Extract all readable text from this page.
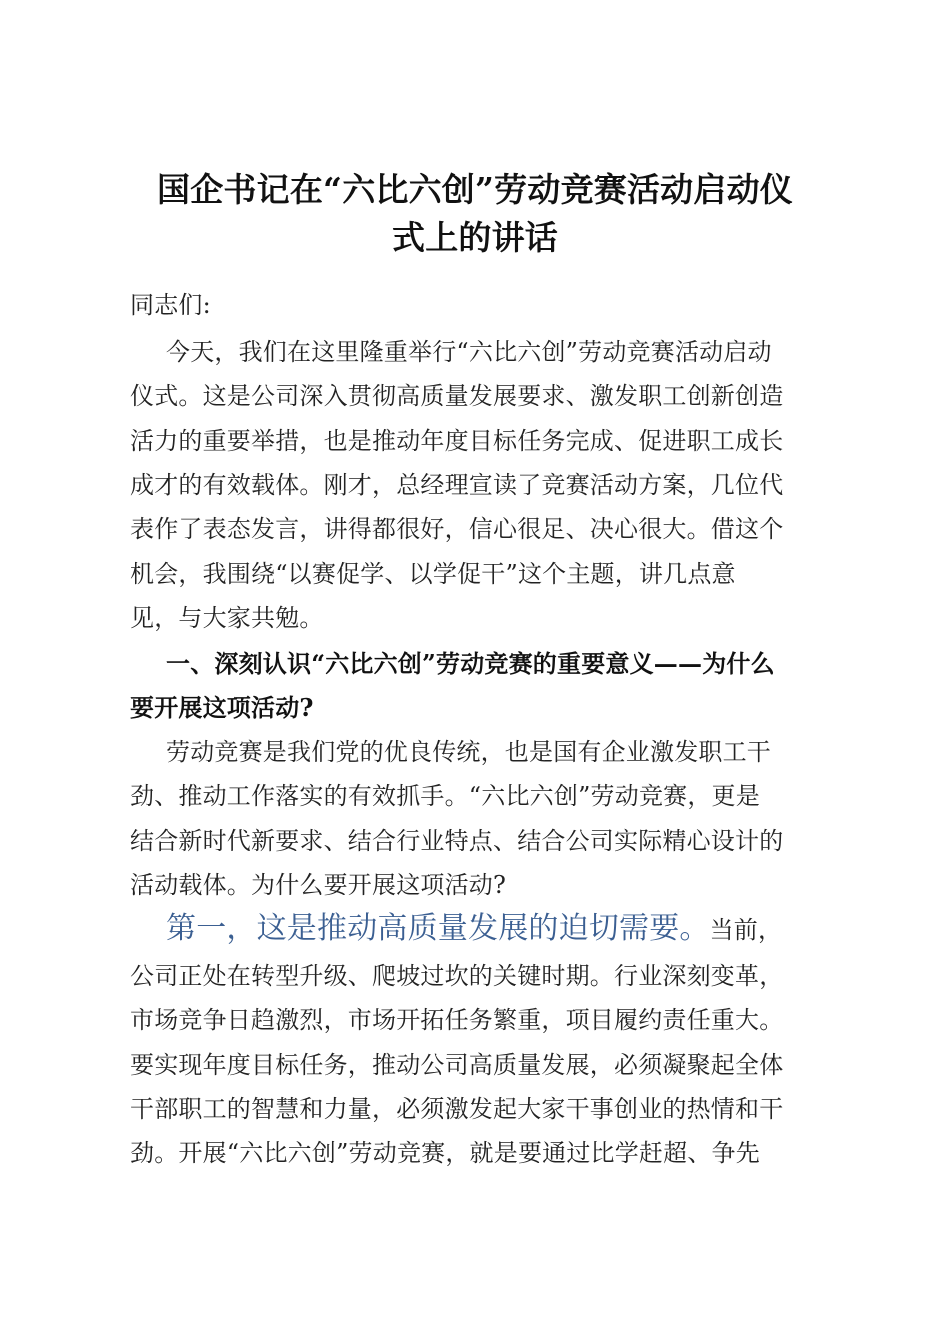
国企书记在“六比六创”劳动竞赛活动启动仪
式上的讲话
同志们:
今天，我们在这里隆重举行“六比六创”劳动竞赛活动启动
仪式。这是公司深入贯彻高质量发展要求、激发职工创新创造
活力的重要举措，也是推动年度目标任务完成、促进职工成长
成才的有效载体。刚才，总经理宣读了竞赛活动方案，几位代
表作了表态发言，讲得都很好，信心很足、决心很大。借这个
机会，我围绕“以赛促学、以学促干”这个主题，讲几点意
见，与大家共勉。
一、深刻认识“六比六创”劳动竞赛的重要意义——为什么
要开展这项活动?
劳动竞赛是我们党的优良传统，也是国有企业激发职工干
劲、推动工作落实的有效抓手。“六比六创”劳动竞赛，更是
结合新时代新要求、结合行业特点、结合公司实际精心设计的
活动载体。为什么要开展这项活动?
第一，这是推动高质量发展的迫切需要。当前，
公司正处在转型升级、爬坡过坎的关键时期。行业深刻变革，
市场竞争日趋激烈，市场开拓任务繁重，项目履约责任重大。
要实现年度目标任务，推动公司高质量发展，必须凝聚起全体
干部职工的智慧和力量，必须激发起大家干事创业的热情和干
劲。开展“六比六创”劳动竞赛，就是要通过比学赶超、争先
